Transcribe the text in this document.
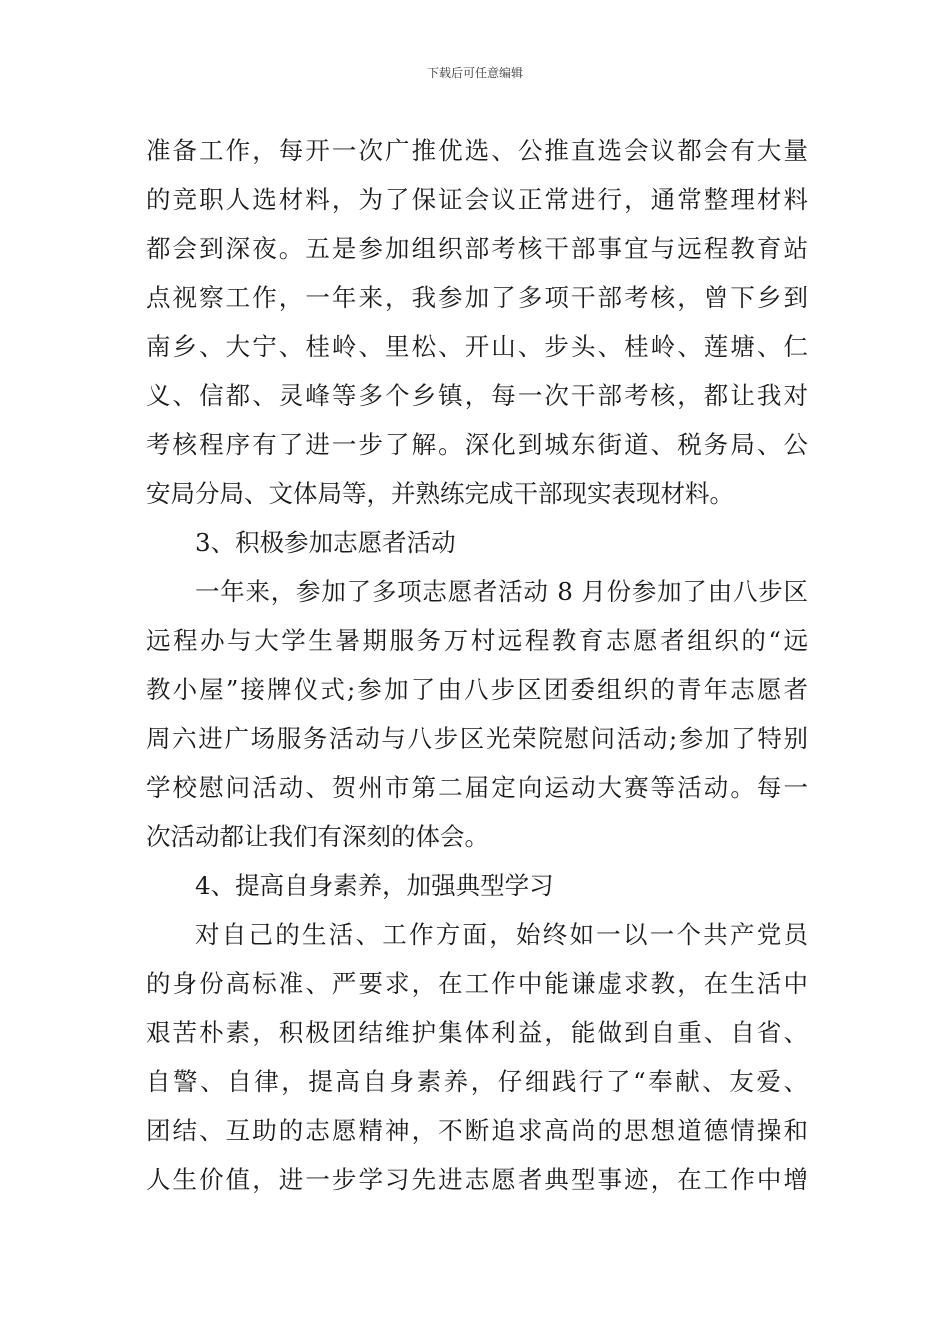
下载后可任意编辑
准备工作，每开一次广推优选、公推直选会议都会有大量
的竞职人选材料，为了保证会议正常进行，通常整理材料
都会到深夜。五是参加组织部考核干部事宜与远程教育站
点视察工作，一年来，我参加了多项干部考核，曾下乡到
南乡、大宁、桂岭、里松、开山、步头、桂岭、莲塘、仁
义、信都、灵峰等多个乡镇，每一次干部考核，都让我对
考核程序有了进一步了解。深化到城东街道、税务局、公
安局分局、文体局等，并熟练完成干部现实表现材料。
3、积极参加志愿者活动
一年来，参加了多项志愿者活动 8 月份参加了由八步区
远程办与大学生暑期服务万村远程教育志愿者组织的“远
教小屋”接牌仪式;参加了由八步区团委组织的青年志愿者
周六进广场服务活动与八步区光荣院慰问活动;参加了特别
学校慰问活动、贺州市第二届定向运动大赛等活动。每一
次活动都让我们有深刻的体会。
4、提高自身素养，加强典型学习
对自己的生活、工作方面，始终如一以一个共产党员
的身份高标准、严要求，在工作中能谦虚求教，在生活中
艰苦朴素，积极团结维护集体利益，能做到自重、自省、
自警、自律，提高自身素养，仔细践行了“奉献、友爱、
团结、互助的志愿精神，不断追求高尚的思想道德情操和
人生价值，进一步学习先进志愿者典型事迹，在工作中增
